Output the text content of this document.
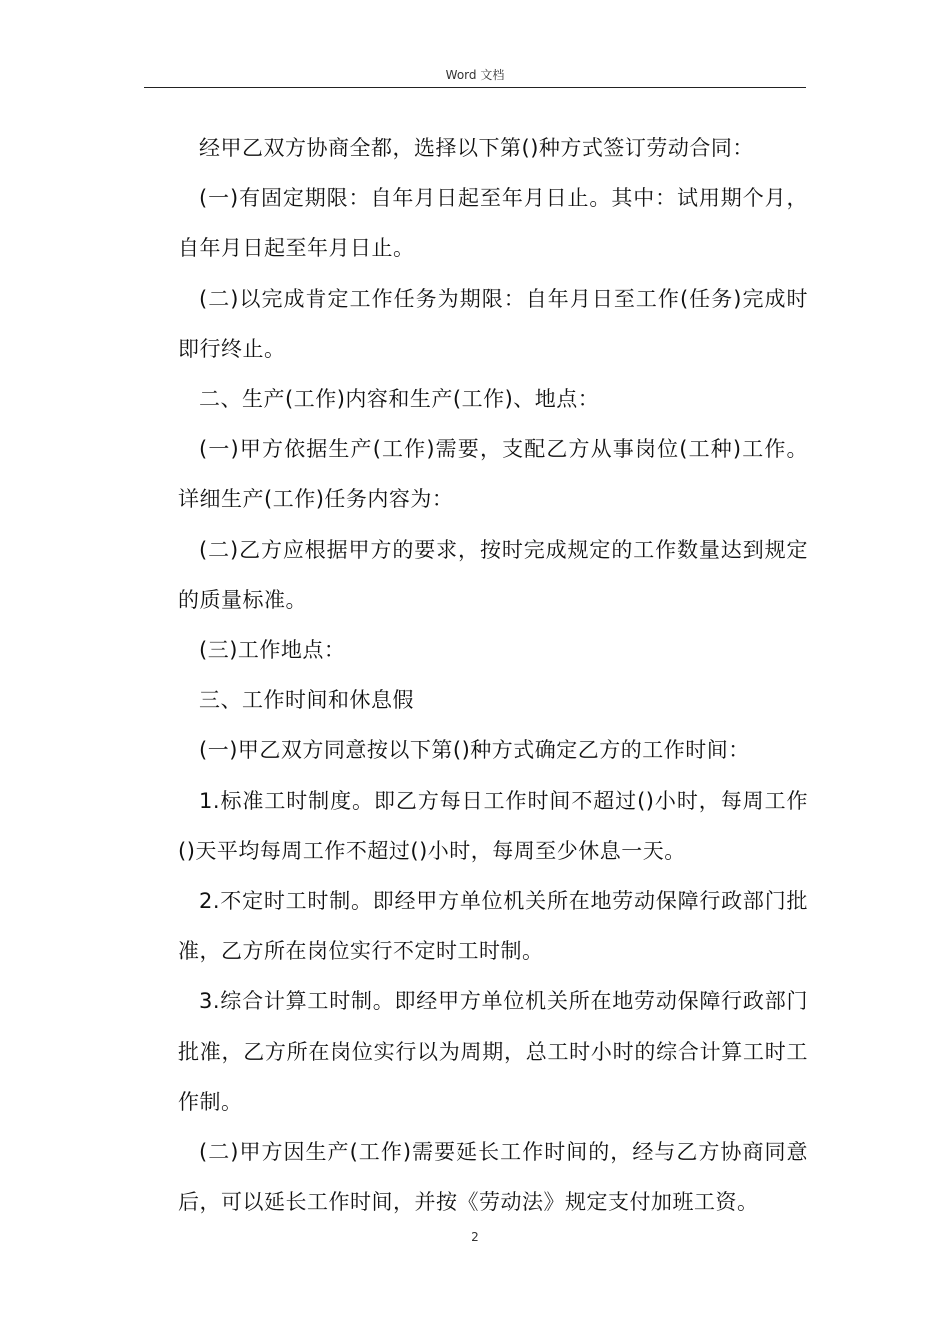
Word 文档

经甲乙双方协商全都，选择以下第()种方式签订劳动合同：

(一)有固定期限：自年月日起至年月日止。其中：试用期个月，自年月日起至年月日止。

(二)以完成肯定工作任务为期限：自年月日至工作(任务)完成时即行终止。

二、生产(工作)内容和生产(工作)、地点：

(一)甲方依据生产(工作)需要，支配乙方从事岗位(工种)工作。详细生产(工作)任务内容为：

(二)乙方应根据甲方的要求，按时完成规定的工作数量达到规定的质量标准。

(三)工作地点：

三、工作时间和休息假

(一)甲乙双方同意按以下第()种方式确定乙方的工作时间：

1.标准工时制度。即乙方每日工作时间不超过()小时，每周工作()天平均每周工作不超过()小时，每周至少休息一天。

2.不定时工时制。即经甲方单位机关所在地劳动保障行政部门批准，乙方所在岗位实行不定时工时制。

3.综合计算工时制。即经甲方单位机关所在地劳动保障行政部门批准，乙方所在岗位实行以为周期，总工时小时的综合计算工时工作制。

(二)甲方因生产(工作)需要延长工作时间的，经与乙方协商同意后，可以延长工作时间，并按《劳动法》规定支付加班工资。

2
